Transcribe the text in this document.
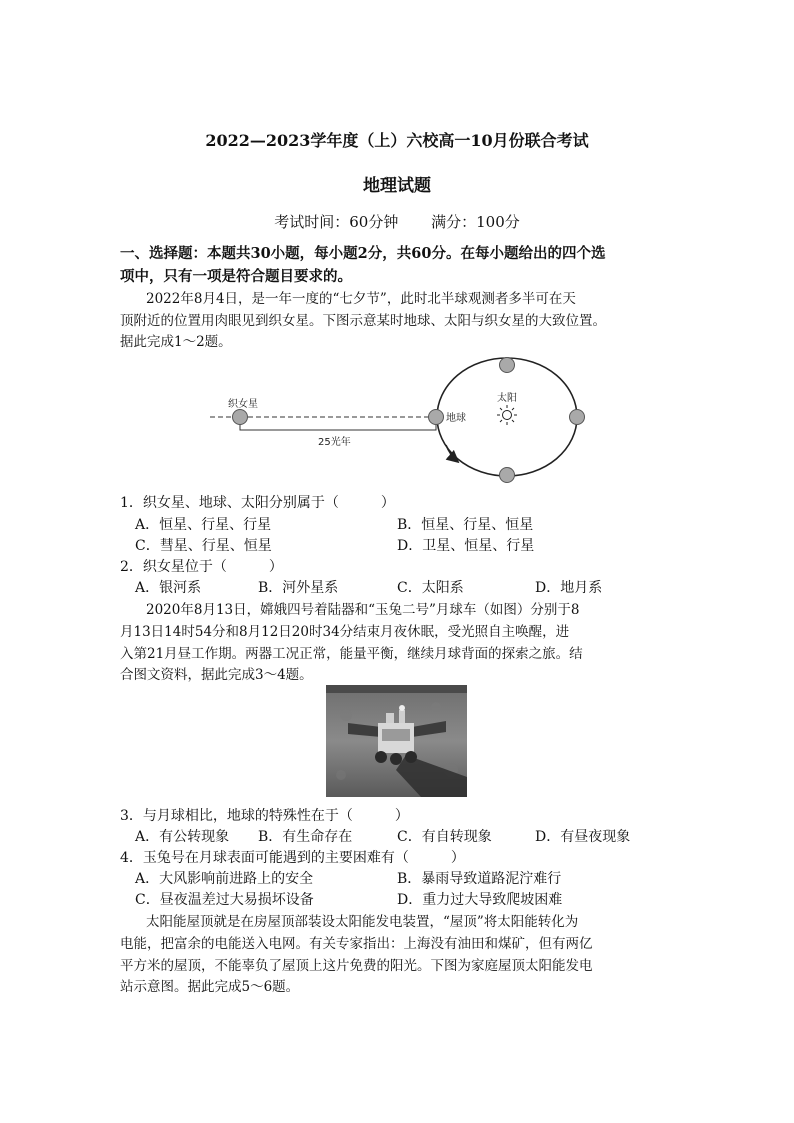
2022—2023学年度（上）六校高一10月份联合考试
地理试题
考试时间：60分钟 满分：100分
一、选择题：本题共30小题，每小题2分，共60分。在每小题给出的四个选
项中，只有一项是符合题目要求的。
2022年8月4日，是一年一度的“七夕节”，此时北半球观测者多半可在天
顶附近的位置用肉眼见到织女星。下图示意某时地球、太阳与织女星的大致位置。
据此完成1～2题。
织女星
地球
太阳
25光年
1．织女星、地球、太阳分别属于（　　　）
A．恒星、行星、行星	B．恒星、行星、恒星
C．彗星、行星、恒星	D．卫星、恒星、行星
2．织女星位于（　　　）
A．银河系	B．河外星系	C．太阳系	D．地月系
2020年8月13日，嫦娥四号着陆器和“玉兔二号”月球车（如图）分别于8
月13日14时54分和8月12日20时34分结束月夜休眠，受光照自主唤醒，进
入第21月昼工作期。两器工况正常，能量平衡，继续月球背面的探索之旅。结
合图文资料，据此完成3～4题。
3．与月球相比，地球的特殊性在于（　　　）
A．有公转现象 B．有生命存在	C．有自转现象	D．有昼夜现象
4．玉兔号在月球表面可能遇到的主要困难有（　　　）
A．大风影响前进路上的安全	B．暴雨导致道路泥泞难行
C．昼夜温差过大易损坏设备	D．重力过大导致爬坡困难
太阳能屋顶就是在房屋顶部装设太阳能发电装置，“屋顶”将太阳能转化为
电能，把富余的电能送入电网。有关专家指出：上海没有油田和煤矿，但有两亿
平方米的屋顶，不能辜负了屋顶上这片免费的阳光。下图为家庭屋顶太阳能发电
站示意图。据此完成5～6题。
